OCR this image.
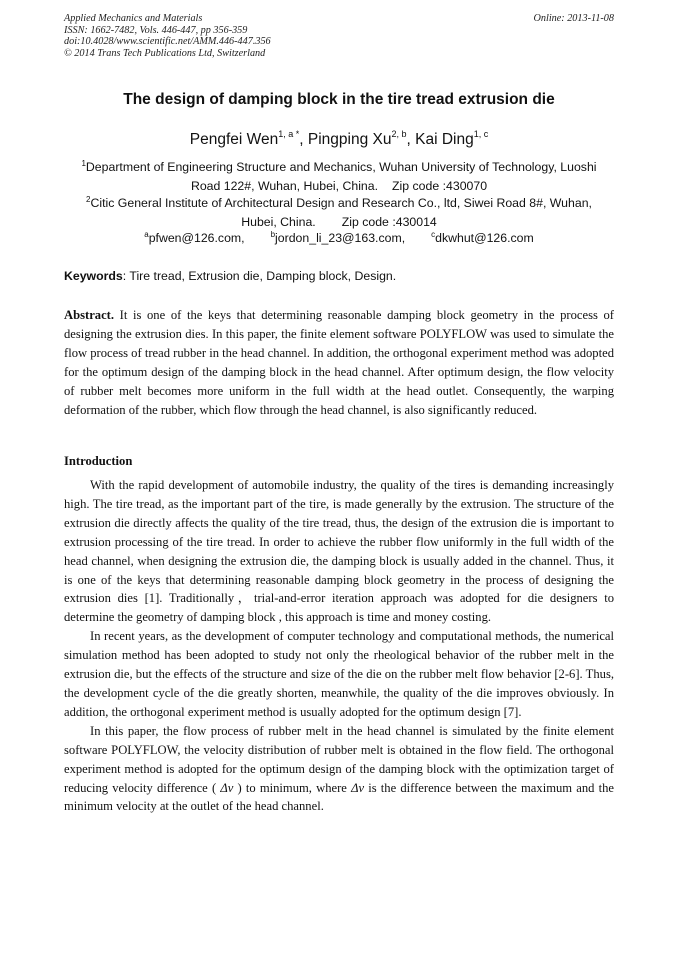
Applied Mechanics and Materials
ISSN: 1662-7482, Vols. 446-447, pp 356-359
doi:10.4028/www.scientific.net/AMM.446-447.356
© 2014 Trans Tech Publications Ltd, Switzerland
Online: 2013-11-08
The design of damping block in the tire tread extrusion die
Pengfei Wen$^{1, a *}$, Pingping Xu$^{2, b}$, Kai Ding$^{1, c}$
$^1$Department of Engineering Structure and Mechanics, Wuhan University of Technology, Luoshi
Road 122#, Wuhan, Hubei, China. Zip code :430070
$^2$Citic General Institute of Architectural Design and Research Co., ltd, Siwei Road 8#, Wuhan,
Hubei, China. Zip code :430014
$^a$pfwen@126.com,	$^b$jordon_li_23@163.com,	$^c$dkwhut@126.com
Keywords: Tire tread, Extrusion die, Damping block, Design.

Abstract. It is one of the keys that determining reasonable damping block geometry in the process of designing the extrusion dies. In this paper, the finite element software POLYFLOW was used to simulate the flow process of tread rubber in the head channel. In addition, the orthogonal experiment method was adopted for the optimum design of the damping block in the head channel. After optimum design, the flow velocity of rubber melt becomes more uniform in the full width at the head outlet. Consequently, the warping deformation of the rubber, which flow through the head channel, is also significantly reduced.

Introduction

With the rapid development of automobile industry, the quality of the tires is demanding increasingly high. The tire tread, as the important part of the tire, is made generally by the extrusion. The structure of the extrusion die directly affects the quality of the tire tread, thus, the design of the extrusion die is important to extrusion processing of the tire tread. In order to achieve the rubber flow uniformly in the full width of the head channel, when designing the extrusion die, the damping block is usually added in the channel. Thus, it is one of the keys that determining reasonable damping block geometry in the process of designing the extrusion dies [1]. Traditionally，trial-and-error iteration approach was adopted for die designers to determine the geometry of damping block , this approach is time and money costing.

In recent years, as the development of computer technology and computational methods, the numerical simulation method has been adopted to study not only the rheological behavior of the rubber melt in the extrusion die, but the effects of the structure and size of the die on the rubber melt flow behavior [2-6]. Thus, the development cycle of the die greatly shorten, meanwhile, the quality of the die improves obviously. In addition, the orthogonal experiment method is usually adopted for the optimum design [7].

In this paper, the flow process of rubber melt in the head channel is simulated by the finite element software POLYFLOW, the velocity distribution of rubber melt is obtained in the flow field. The orthogonal experiment method is adopted for the optimum design of the damping block with the optimization target of reducing velocity difference ( Δv ) to minimum, where Δv is the difference between the maximum and the minimum velocity at the outlet of the head channel.
